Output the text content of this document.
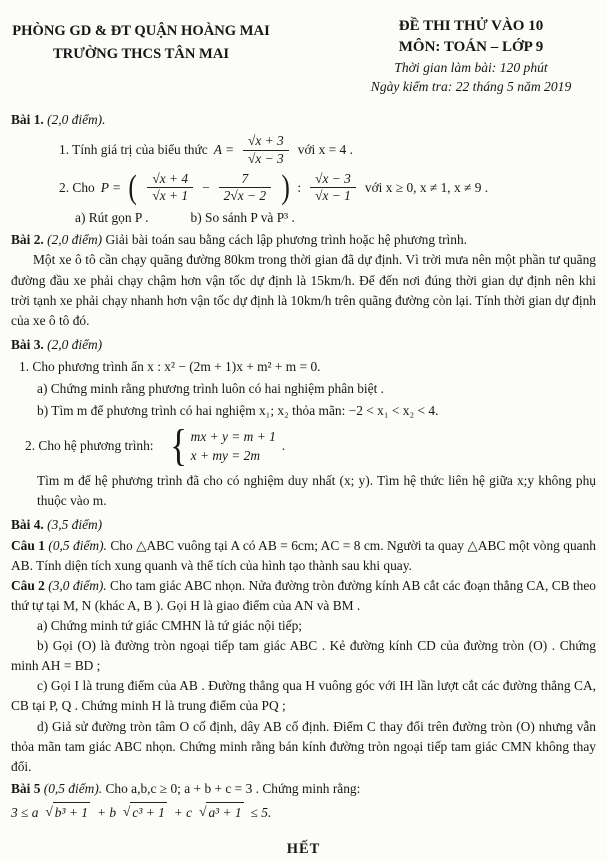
PHÒNG GD & ĐT QUẬN HOÀNG MAI
TRƯỜNG THCS TÂN MAI
ĐỀ THI THỬ VÀO 10
MÔN: TOÁN – LỚP 9
Thời gian làm bài: 120 phút
Ngày kiểm tra: 22 tháng 5 năm 2019

Bài 1. (2,0 điểm).

1. Tính giá trị của biểu thức $A = \frac{√x + 3}{√x - 3}$ với x = 4 .
2. Cho P = ( $\frac{√x + 4}{√x + 1} - \frac{7}{2√x - 2}$ ) : $\frac{√x - 3}{√x - 1}$ với x ≥ 0, x ≠ 1, x ≠ 9 .

a) Rút gọn P .	b) So sánh P và P³ .

Bài 2. (2,0 điểm) Giải bài toán sau bằng cách lập phương trình hoặc hệ phương trình.

Một xe ô tô cần chạy quãng đường 80km trong thời gian đã dự định. Vì trời mưa nên một phần tư quãng đường đầu xe phải chạy chậm hơn vận tốc dự định là 15km/h. Để đến nơi đúng thời gian dự định nên khi trời tạnh xe phải chạy nhanh hơn vận tốc dự định là 10km/h trên quãng đường còn lại. Tính thời gian dự định của xe ô tô đó.

Bài 3. (2,0 điểm)

1. Cho phương trình ẩn x : x² − (2m + 1)x + m² + m = 0.

a) Chứng minh rằng phương trình luôn có hai nghiệm phân biệt .

b) Tìm m để phương trình có hai nghiệm x₁; x₂ thỏa mãn: −2 < x₁ < x₂ < 4.

2. Cho hệ phương trình: { mx + y = m + 1
x + my = 2m
.

Tìm m để hệ phương trình đã cho có nghiệm duy nhất (x; y). Tìm hệ thức liên hệ giữa x;y không phụ thuộc vào m.

Bài 4. (3,5 điểm)

Câu 1 (0,5 điểm). Cho △ABC vuông tại A có AB = 6cm; AC = 8 cm. Người ta quay △ABC một vòng quanh AB. Tính diện tích xung quanh và thể tích của hình tạo thành sau khi quay.

Câu 2 (3,0 điểm). Cho tam giác ABC nhọn. Nửa đường tròn đường kính AB cắt các đoạn thẳng CA, CB theo thứ tự tại M, N (khác A, B ). Gọi H là giao điểm của AN và BM .

a) Chứng minh tứ giác CMHN là tứ giác nội tiếp;

b) Gọi (O) là đường tròn ngoại tiếp tam giác ABC . Kẻ đường kính CD của đường tròn (O) . Chứng minh AH = BD ;

c) Gọi I là trung điểm của AB . Đường thẳng qua H vuông góc với IH lần lượt cắt các đường thẳng CA, CB tại P, Q . Chứng minh H là trung điểm của PQ ;

d) Giả sử đường tròn tâm O cố định, dây AB cố định. Điểm C thay đổi trên đường tròn (O) nhưng vẫn thỏa mãn tam giác ABC nhọn. Chứng minh rằng bán kính đường tròn ngoại tiếp tam giác CMN không thay đổi.

Bài 5 (0,5 điểm). Cho a,b,c ≥ 0; a + b + c = 3 . Chứng minh rằng:

3 ≤ a √ b³ + 1 + b √ c³ + 1 + c √ a³ + 1 ≤ 5.

HẾT
